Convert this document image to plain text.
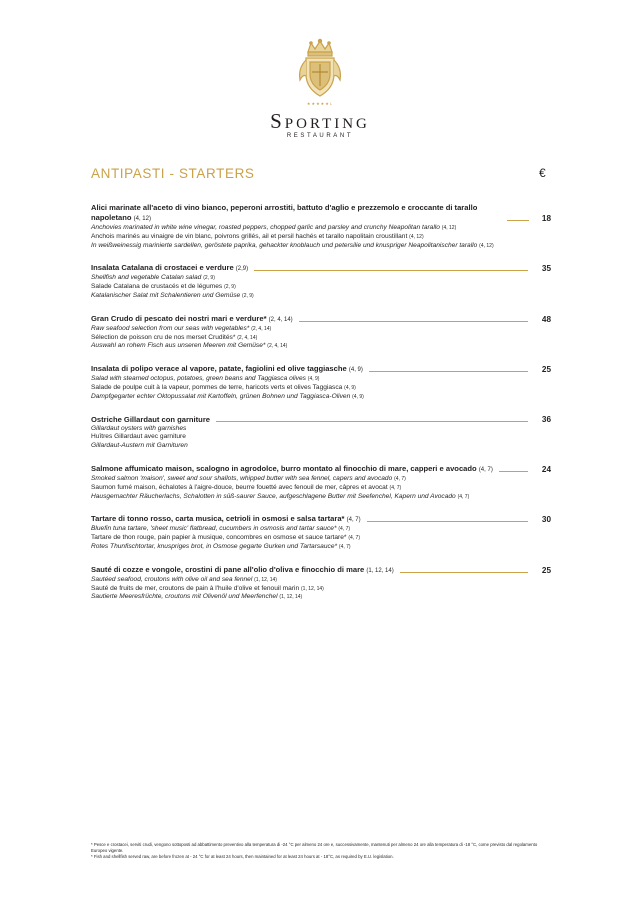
★★★★★L
Sporting
RESTAURANT
ANTIPASTI - STARTERS	€
Alici marinate all'aceto di vino bianco, peperoni arrostiti, battuto d'aglio e prezzemolo e croccante di tarallo napoletano (4, 12)	18
Anchovies marinated in white wine vinegar, roasted peppers, chopped garlic and parsley and crunchy Neapolitan tarallo (4, 12)
Anchois marinés au vinaigre de vin blanc, poivrons grillés, ail et persil hachés et tarallo napolitain croustillant (4, 12)
In weißweinessig marinierte sardellen, geröstete paprika, gehackter knoblauch und petersilie und knuspriger Neapolitanischer tarallo (4, 12)
Insalata Catalana di crostacei e verdure (2,9)	35
Shellfish and vegetable Catalan salad (2, 9)
Salade Catalana de crustacés et de légumes (2, 9)
Katalanischer Salat mit Schalentieren und Gemüse (2, 9)
Gran Crudo di pescato dei nostri mari e verdure* (2, 4, 14)	48
Raw seafood selection from our seas with vegetables* (2, 4, 14)
Sélection de poisson cru de nos merset Crudités* (2, 4, 14)
Auswahl an rohem Fisch aus unseren Meeren mit Gemüse* (2, 4, 14)
Insalata di polipo verace al vapore, patate, fagiolini ed olive taggiasche (4, 9)	25
Salad with steamed octopus, potatoes, green beans and Taggiasca olives (4, 9)
Salade de poulpe cuit à la vapeur, pommes de terre, haricots verts et olives Taggiasca (4, 9)
Dampfgegarter echter Oktopussalat mit Kartoffeln, grünen Bohnen und Taggiasca-Oliven (4, 9)
Ostriche Gillardaut con garniture	36
Gillardaut oysters with garnishes
Huîtres Gillardaut avec garniture
Gillardaut-Austern mit Garnituren
Salmone affumicato maison, scalogno in agrodolce, burro montato al finocchio di mare, capperi e avocado (4, 7)	24
Smoked salmon 'maison', sweet and sour shallots, whipped butter with sea fennel, capers and avocado (4, 7)
Saumon fumé maison, échalotes à l'aigre-douce, beurre fouetté avec fenouil de mer, câpres et avocat (4, 7)
Hausgemachter Räucherlachs, Schalotten in süß-saurer Sauce, aufgeschlagene Butter mit Seefenchel, Kapern und Avocado (4, 7)
Tartare di tonno rosso, carta musica, cetrioli in osmosi e salsa tartara* (4, 7)	30
Bluefin tuna tartare, 'sheet music' flatbread, cucumbers in osmosis and tartar sauce* (4, 7)
Tartare de thon rouge, pain papier à musique, concombres en osmose et sauce tartare* (4, 7)
Rotes Thunfischtortar, knuspriges brot, in Osmose gegarte Gurken und Tartarsauce* (4, 7)
Sauté di cozze e vongole, crostini di pane all'olio d'oliva e finocchio di mare (1, 12, 14)	25
Sautéed seafood, croutons with olive oil and sea fennel (1, 12, 14)
Sauté de fruits de mer, croutons de pain à l'huile d'olive et fenouil marin (1, 12, 14)
Sautierte Meeresfrüchte, croutons mit Olivenöl und Meerfenchel (1, 12, 14)
* Pesce e crostacei, serviti crudi, vengono sottoposti ad abbattimento preventivo alla temperatura di -24 °C per almeno 24 ore e, successivamente, mantenuti per almeno 24 ore alla temperatura di -18 °C, come previsto dal regolamento Europeo vigente.
* Fish and shellfish served raw, are before frozen at - 24 °C for at least 24 hours, then maintained for at least 24 hours at - 18°C, as required by E.U. legislation.
